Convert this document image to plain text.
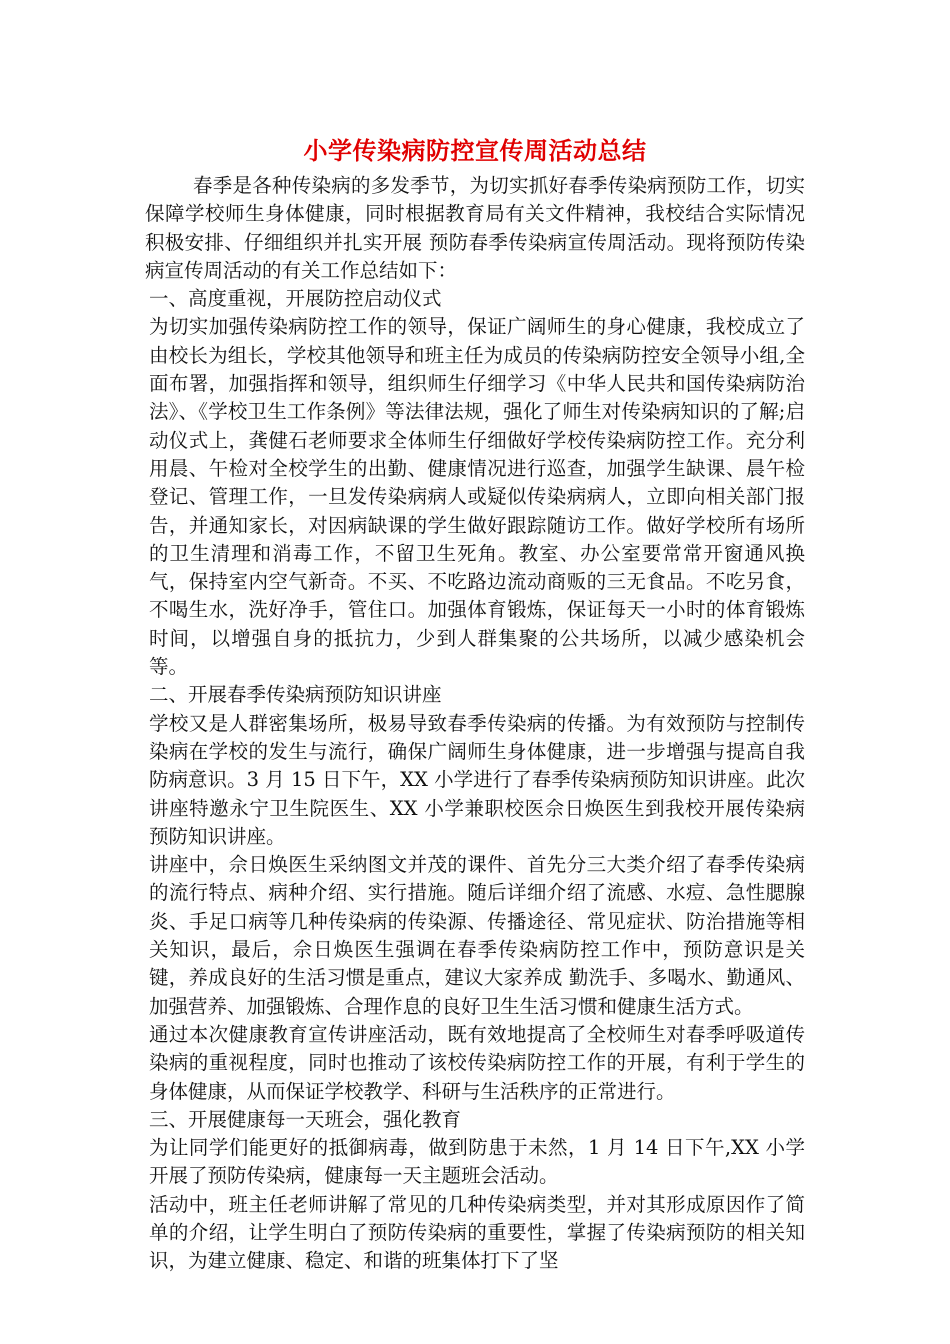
小学传染病防控宣传周活动总结

春季是各种传染病的多发季节，为切实抓好春季传染病预防工作，切实保障学校师生身体健康，同时根据教育局有关文件精神，我校结合实际情况积极安排、仔细组织并扎实开展 预防春季传染病宣传周活动。现将预防传染病宣传周活动的有关工作总结如下：

一、高度重视，开展防控启动仪式

为切实加强传染病防控工作的领导，保证广阔师生的身心健康，我校成立了由校长为组长，学校其他领导和班主任为成员的传染病防控安全领导小组,全面布署，加强指挥和领导，组织师生仔细学习《中华人民共和国传染病防治法》、《学校卫生工作条例》等法律法规，强化了师生对传染病知识的了解;启动仪式上，龚健石老师要求全体师生仔细做好学校传染病防控工作。充分利用晨、午检对全校学生的出勤、健康情况进行巡查，加强学生缺课、晨午检登记、管理工作，一旦发传染病病人或疑似传染病病人，立即向相关部门报告，并通知家长，对因病缺课的学生做好跟踪随访工作。做好学校所有场所的卫生清理和消毒工作，不留卫生死角。教室、办公室要常常开窗通风换气，保持室内空气新奇。不买、不吃路边流动商贩的三无食品。不吃另食，不喝生水，洗好净手，管住口。加强体育锻炼，保证每天一小时的体育锻炼时间，以增强自身的抵抗力，少到人群集聚的公共场所，以减少感染机会等。

二、开展春季传染病预防知识讲座

学校又是人群密集场所，极易导致春季传染病的传播。为有效预防与控制传染病在学校的发生与流行，确保广阔师生身体健康，进一步增强与提高自我防病意识。3 月 15 日下午，XX 小学进行了春季传染病预防知识讲座。此次讲座特邀永宁卫生院医生、XX 小学兼职校医佘日焕医生到我校开展传染病预防知识讲座。

讲座中，佘日焕医生采纳图文并茂的课件、首先分三大类介绍了春季传染病的流行特点、病种介绍、实行措施。随后详细介绍了流感、水痘、急性腮腺炎、手足口病等几种传染病的传染源、传播途径、常见症状、防治措施等相关知识，最后，佘日焕医生强调在春季传染病防控工作中，预防意识是关键，养成良好的生活习惯是重点，建议大家养成 勤洗手、多喝水、勤通风、加强营养、加强锻炼、合理作息的良好卫生生活习惯和健康生活方式。

通过本次健康教育宣传讲座活动，既有效地提高了全校师生对春季呼吸道传染病的重视程度，同时也推动了该校传染病防控工作的开展，有利于学生的身体健康，从而保证学校教学、科研与生活秩序的正常进行。

三、开展健康每一天班会，强化教育

为让同学们能更好的抵御病毒，做到防患于未然，1 月 14 日下午,XX 小学开展了预防传染病，健康每一天主题班会活动。

活动中，班主任老师讲解了常见的几种传染病类型，并对其形成原因作了简单的介绍，让学生明白了预防传染病的重要性，掌握了传染病预防的相关知识，为建立健康、稳定、和谐的班集体打下了坚
